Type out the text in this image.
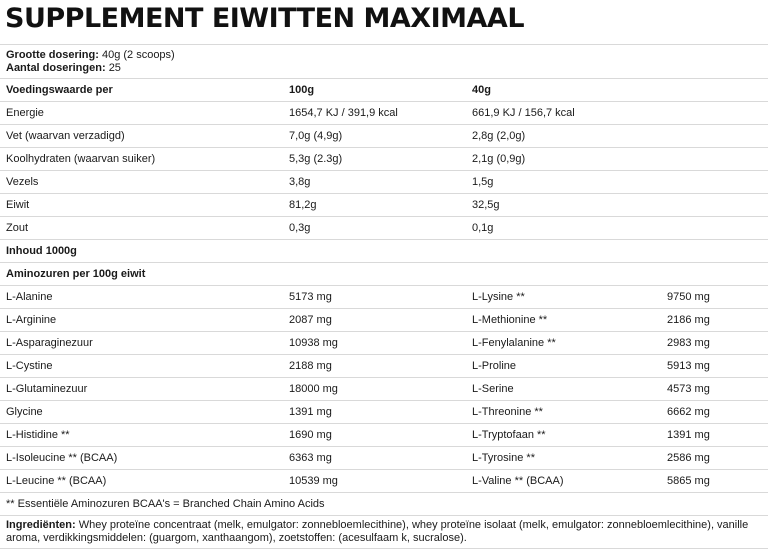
SUPPLEMENT EIWITTEN MAXIMAAL
Grootte dosering: 40g (2 scoops)
Aantal doseringen: 25
Voedingswaarde per	100g	40g	
Energie	1654,7 KJ / 391,9 kcal	661,9 KJ / 156,7 kcal	
Vet (waarvan verzadigd)	7,0g (4,9g)	2,8g (2,0g)	
Koolhydraten (waarvan suiker)	5,3g (2.3g)	2,1g (0,9g)	
Vezels	3,8g	1,5g	
Eiwit	81,2g	32,5g	
Zout	0,3g	0,1g	
Inhoud 1000g			
Aminozuren per 100g eiwit			
L-Alanine	5173 mg	L-Lysine **	9750 mg
L-Arginine	2087 mg	L-Methionine **	2186 mg
L-Asparaginezuur	10938 mg	L-Fenylalanine **	2983 mg
L-Cystine	2188 mg	L-Proline	5913 mg
L-Glutaminezuur	18000 mg	L-Serine	4573 mg
Glycine	1391 mg	L-Threonine **	6662 mg
L-Histidine **	1690 mg	L-Tryptofaan **	1391 mg
L-Isoleucine ** (BCAA)	6363 mg	L-Tyrosine **	2586 mg
L-Leucine ** (BCAA)	10539 mg	L-Valine ** (BCAA)	5865 mg
** Essentiële Aminozuren BCAA's = Branched Chain Amino Acids			
Ingrediënten: Whey proteïne concentraat (melk, emulgator: zonnebloemlecithine), whey proteïne isolaat (melk, emulgator: zonnebloemlecithine), vanille aroma, verdikkingsmiddelen: (guargom, xanthaangom), zoetstoffen: (acesulfaam k, sucralose).			
